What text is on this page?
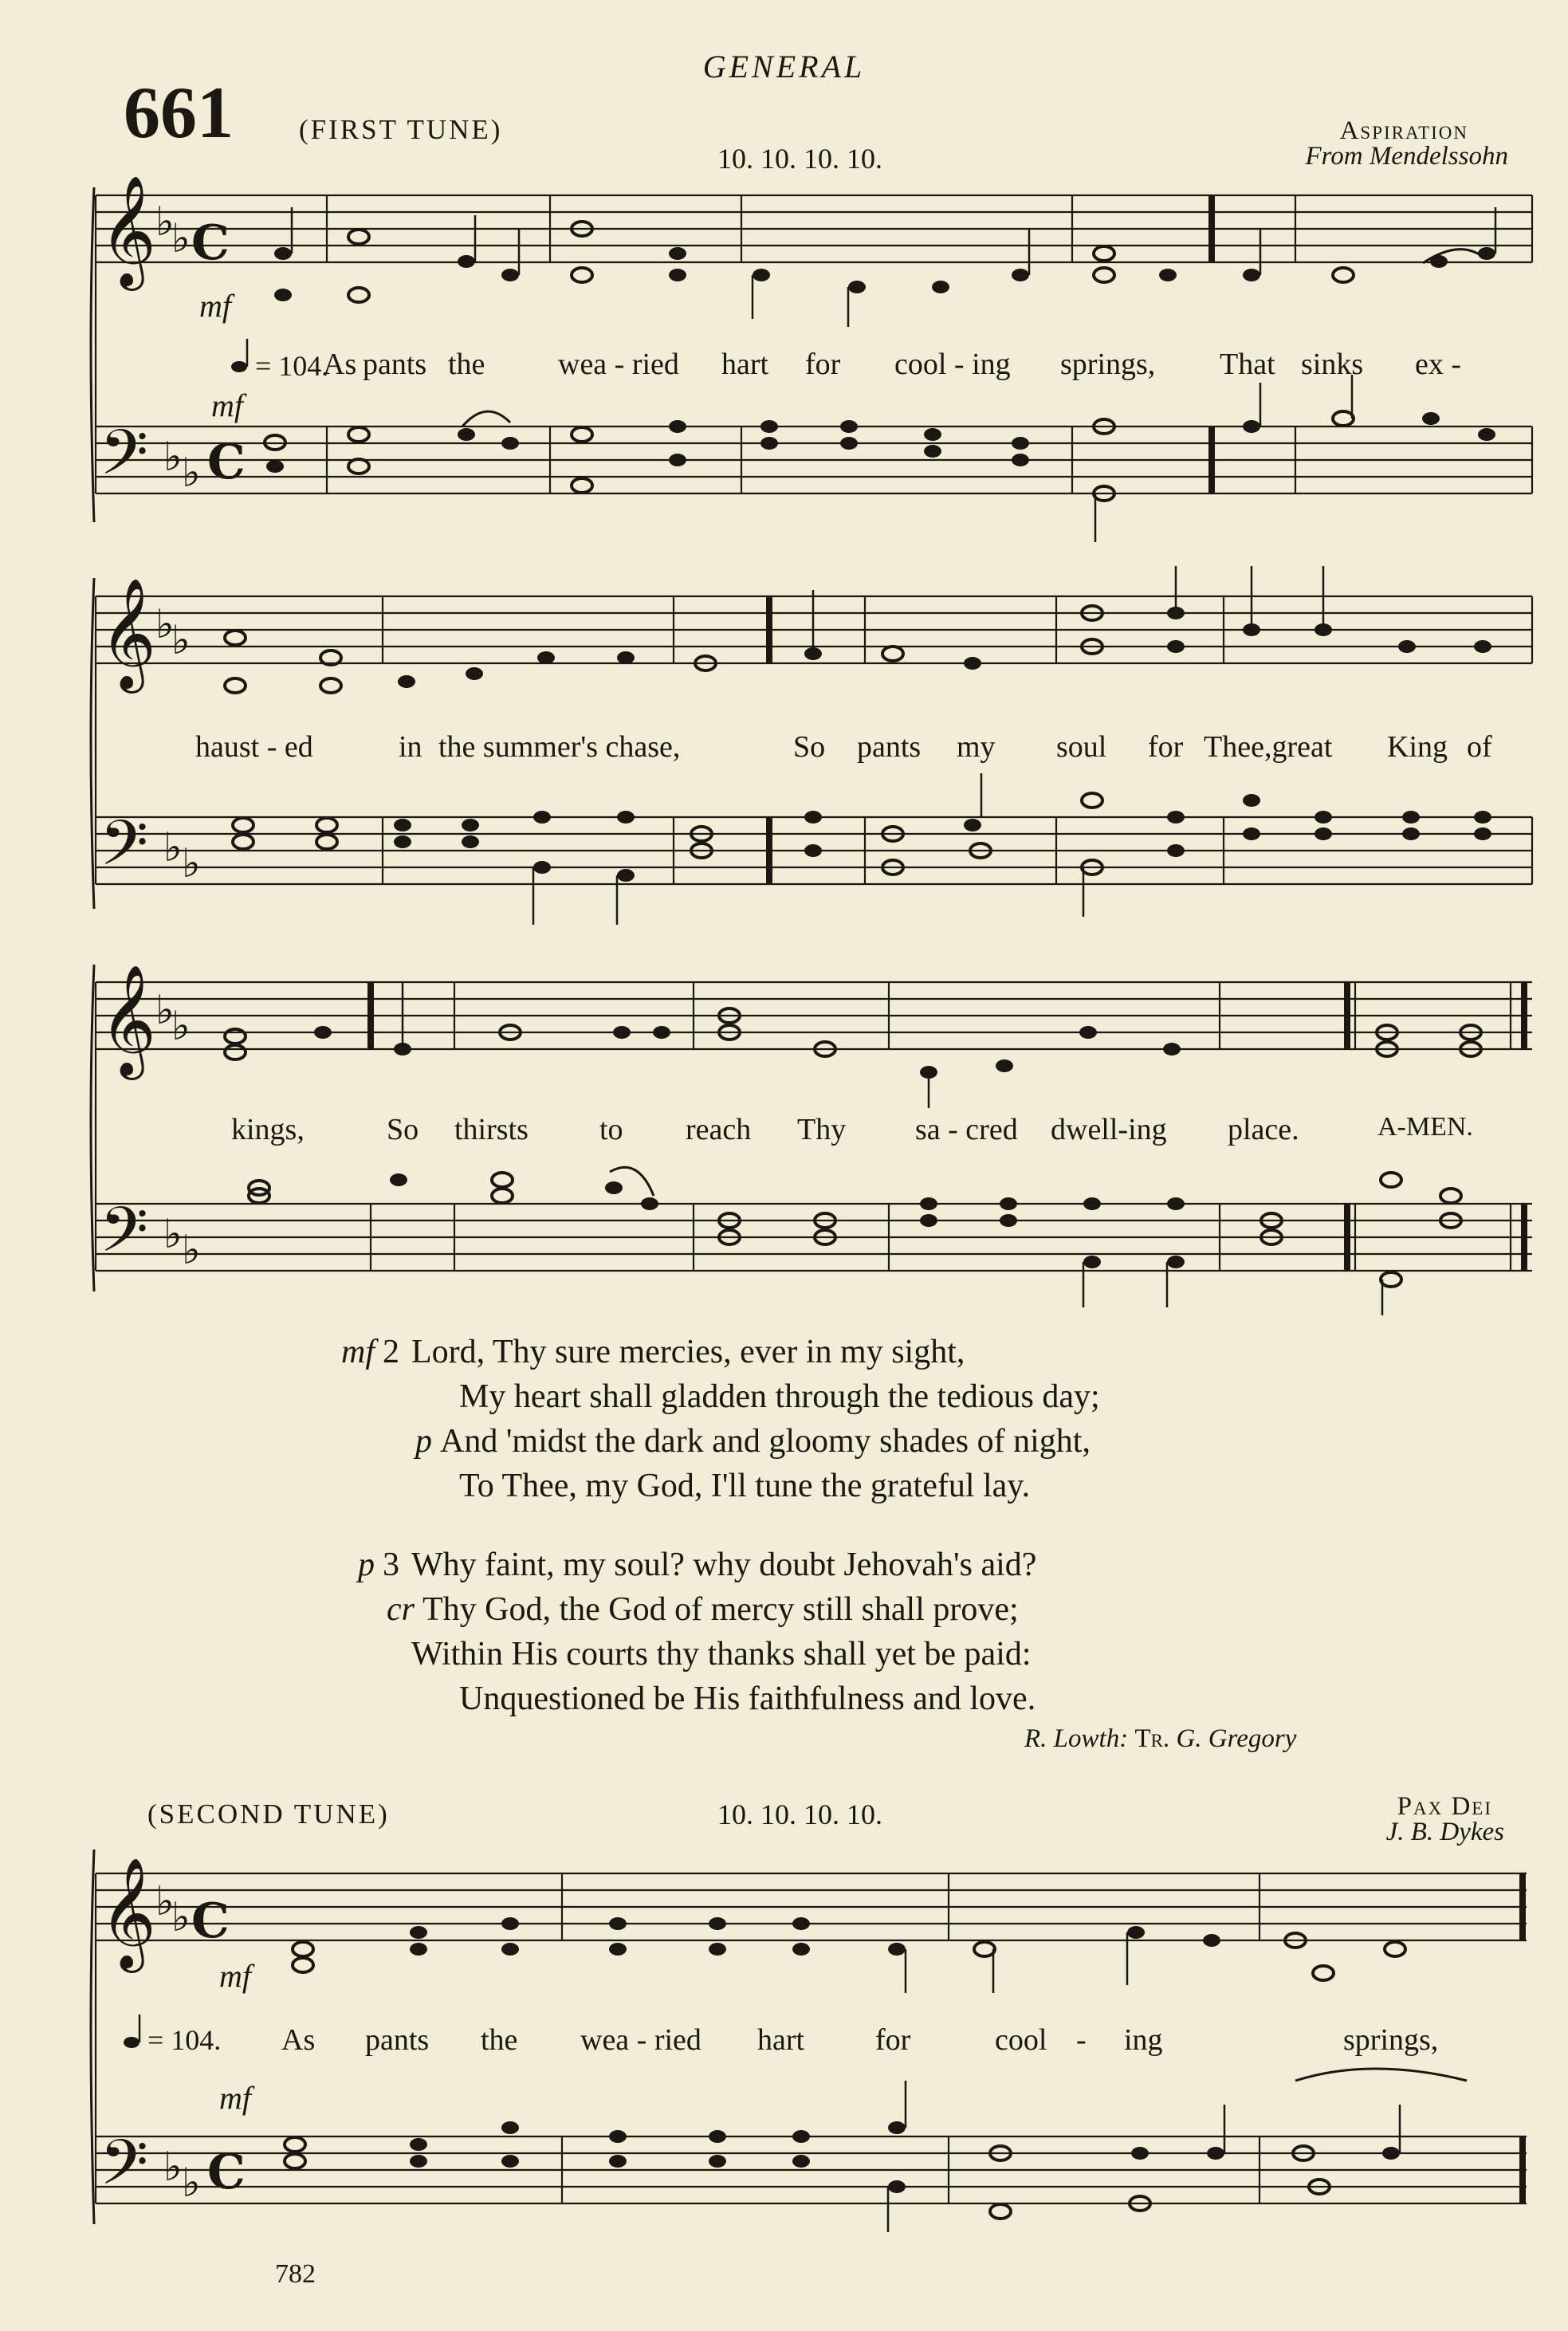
GENERAL
661 (FIRST TUNE)
10. 10. 10. 10.
Aspiration
From Mendelssohn
𝄞 ♭
♭ C
𝄢 ♭ ♭ C
𝄞 ♭
♭
𝄢 ♭ ♭
𝄞 ♭
♭
𝄢 ♭ ♭
𝄞 ♭
♭ C
𝄢 ♭ ♭ C
mf
mf
= 104. pants
As	the wea - ried hart for cool - ing springs, That sinks ex -
haust - ed	in the summer's chase,	So pants my soul for Thee,great King of
kings,	So thirsts to reach Thy sa - cred dwell-ing place.	A-MEN.
mf 2 Lord, Thy sure mercies, ever in my sight,
My heart shall gladden through the tedious day;
p And 'midst the dark and gloomy shades of night,
To Thee, my God, I'll tune the grateful lay.
p 3 Why faint, my soul? why doubt Jehovah's aid?
cr Thy God, the God of mercy still shall prove;
Within His courts thy thanks shall yet be paid:
Unquestioned be His faithfulness and love.
R. Lowth: Tr. G. Gregory
(SECOND TUNE)	10. 10. 10. 10.	Pax Dei
J. B. Dykes
mf
mf
= 104. As pants the wea - ried hart for	cool - ing	springs,
782
